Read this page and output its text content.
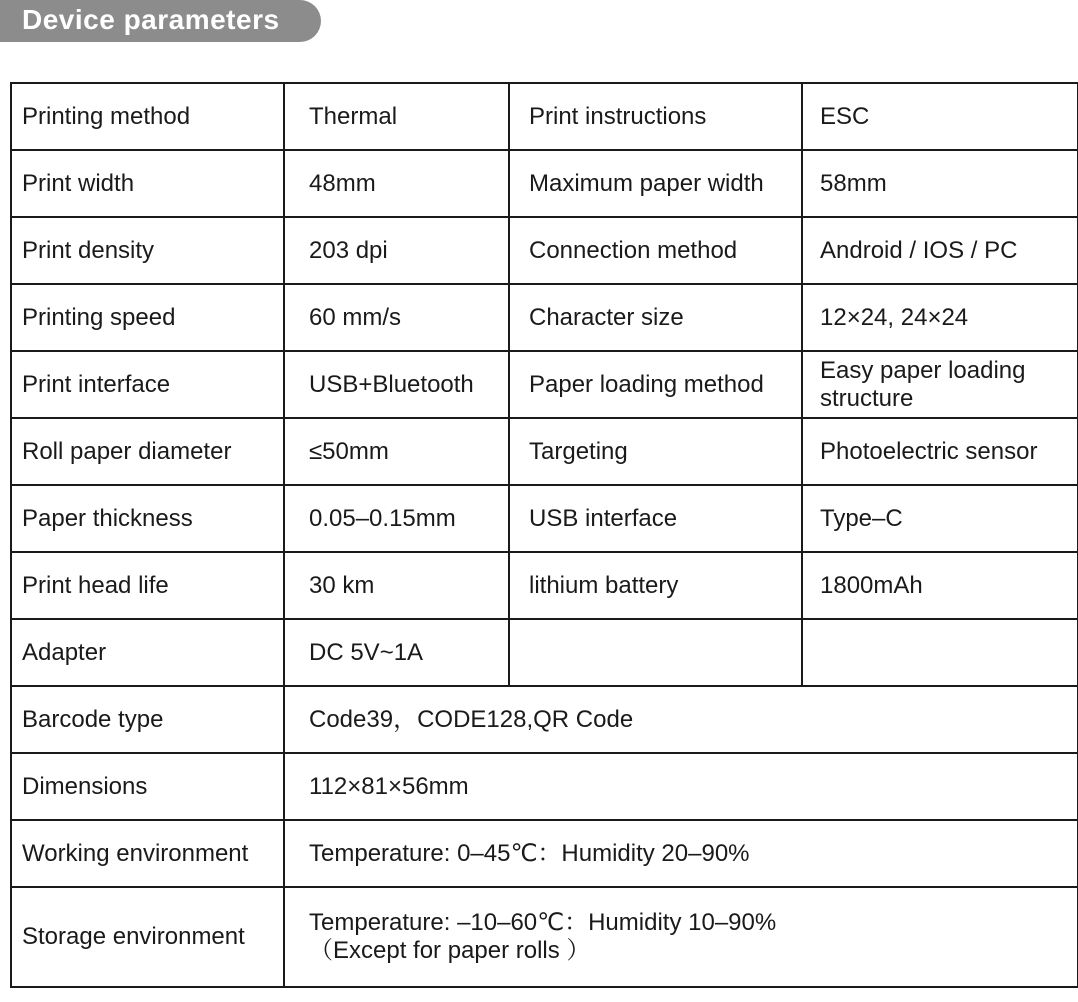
Device parameters
Printing method	Thermal	Print instructions	ESC
Print width	48mm	Maximum paper width	58mm
Print density	203 dpi	Connection method	Android / IOS / PC
Printing speed	60 mm/s	Character size	12×24, 24×24
Print interface	USB+Bluetooth	Paper loading method	Easy paper loading structure
Roll paper diameter	≤50mm	Targeting	Photoelectric sensor
Paper thickness	0.05–0.15mm	USB interface	Type–C
Print head life	30 km	lithium battery	1800mAh
Adapter	DC 5V~1A		
Barcode type	Code39，CODE128,QR Code		
Dimensions	112×81×56mm		
Working environment	Temperature: 0–45℃：Humidity 20–90%		
Storage environment	Temperature: –10–60℃：Humidity 10–90%
（Except for paper rolls ）		
